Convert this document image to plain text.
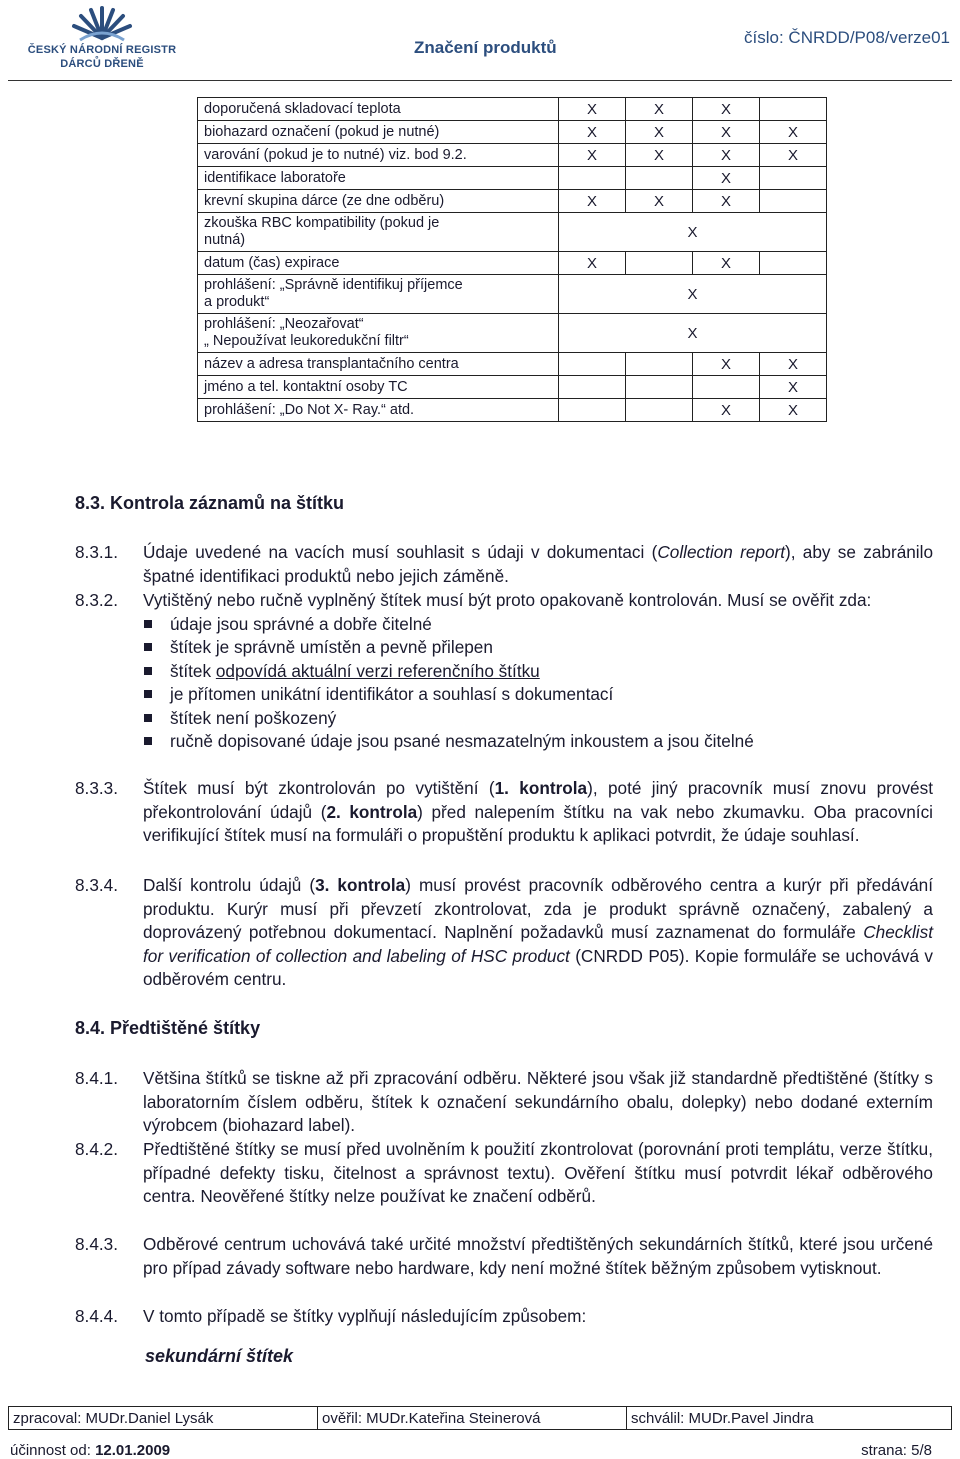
ČESKÝ NÁRODNÍ REGISTR
DÁRCŮ DŘENĚ
Značení produktů
číslo: ČNRDD/P08/verze01
doporučená skladovací teplota	X	X	X	
biohazard označení (pokud je nutné)	X	X	X	X
varování (pokud je to nutné) viz. bod 9.2.	X	X	X	X
identifikace laboratoře			X	
krevní skupina dárce (ze dne odběru)	X	X	X	

zkouška RBC kompatibility (pokud je
nutná)	X			
datum (čas) expirace	X		X	

prohlášení: „Správně identifikuj příjemce
a produkt“	X			

prohlášení: „Neozařovat“
„ Nepoužívat leukoredukční filtr“	X			
název a adresa transplantačního centra			X	X
jméno a tel. kontaktní osoby TC				X
prohlášení: „Do Not X- Ray.“ atd.			X	X
8.3. Kontrola záznamů na štítku
8.3.1. Údaje uvedené na vacích musí souhlasit s údaji v dokumentaci (Collection report), aby se zabránilo špatné identifikaci produktů nebo jejich záměně.
8.3.2. Vytištěný nebo ručně vyplněný štítek musí být proto opakovaně kontrolován. Musí se ověřit zda:
údaje jsou správné a dobře čitelné
štítek je správně umístěn a pevně přilepen
štítek odpovídá aktuální verzi referenčního štítku
je přítomen unikátní identifikátor a souhlasí s dokumentací
štítek není poškozený
ručně dopisované údaje jsou psané nesmazatelným inkoustem a jsou čitelné
8.3.3. Štítek musí být zkontrolován po vytištění (1. kontrola), poté jiný pracovník musí znovu provést překontrolování údajů (2. kontrola) před nalepením štítku na vak nebo zkumavku. Oba pracovníci verifikující štítek musí na formuláři o propuštění produktu k aplikaci potvrdit, že údaje souhlasí.
8.3.4. Další kontrolu údajů (3. kontrola) musí provést pracovník odběrového centra a kurýr při předávání produktu. Kurýr musí při převzetí zkontrolovat, zda je produkt správně označený, zabalený a doprovázený potřebnou dokumentací. Naplnění požadavků musí zaznamenat do formuláře Checklist for verification of collection and labeling of HSC product (CNRDD P05). Kopie formuláře se uchovává v odběrovém centru.
8.4. Předtištěné štítky
8.4.1. Většina štítků se tiskne až při zpracování odběru. Některé jsou však již standardně předtištěné (štítky s laboratorním číslem odběru, štítek k označení sekundárního obalu, dolepky) nebo dodané externím výrobcem (biohazard label).
8.4.2. Předtištěné štítky se musí před uvolněním k použití zkontrolovat (porovnání proti templátu, verze štítku, případné defekty tisku, čitelnost a správnost textu). Ověření štítku musí potvrdit lékař odběrového centra. Neověřené štítky nelze používat ke značení odběrů.
8.4.3. Odběrové centrum uchovává také určité množství předtištěných sekundárních štítků, které jsou určené pro případ závady software nebo hardware, kdy není možné štítek běžným způsobem vytisknout.
8.4.4. V tomto případě se štítky vyplňují následujícím způsobem:
sekundární štítek
zpracoval: MUDr.Daniel Lysák	ověřil: MUDr.Kateřina Steinerová	schválil: MUDr.Pavel Jindra
účinnost od: 12.01.2009	strana: 5/8
